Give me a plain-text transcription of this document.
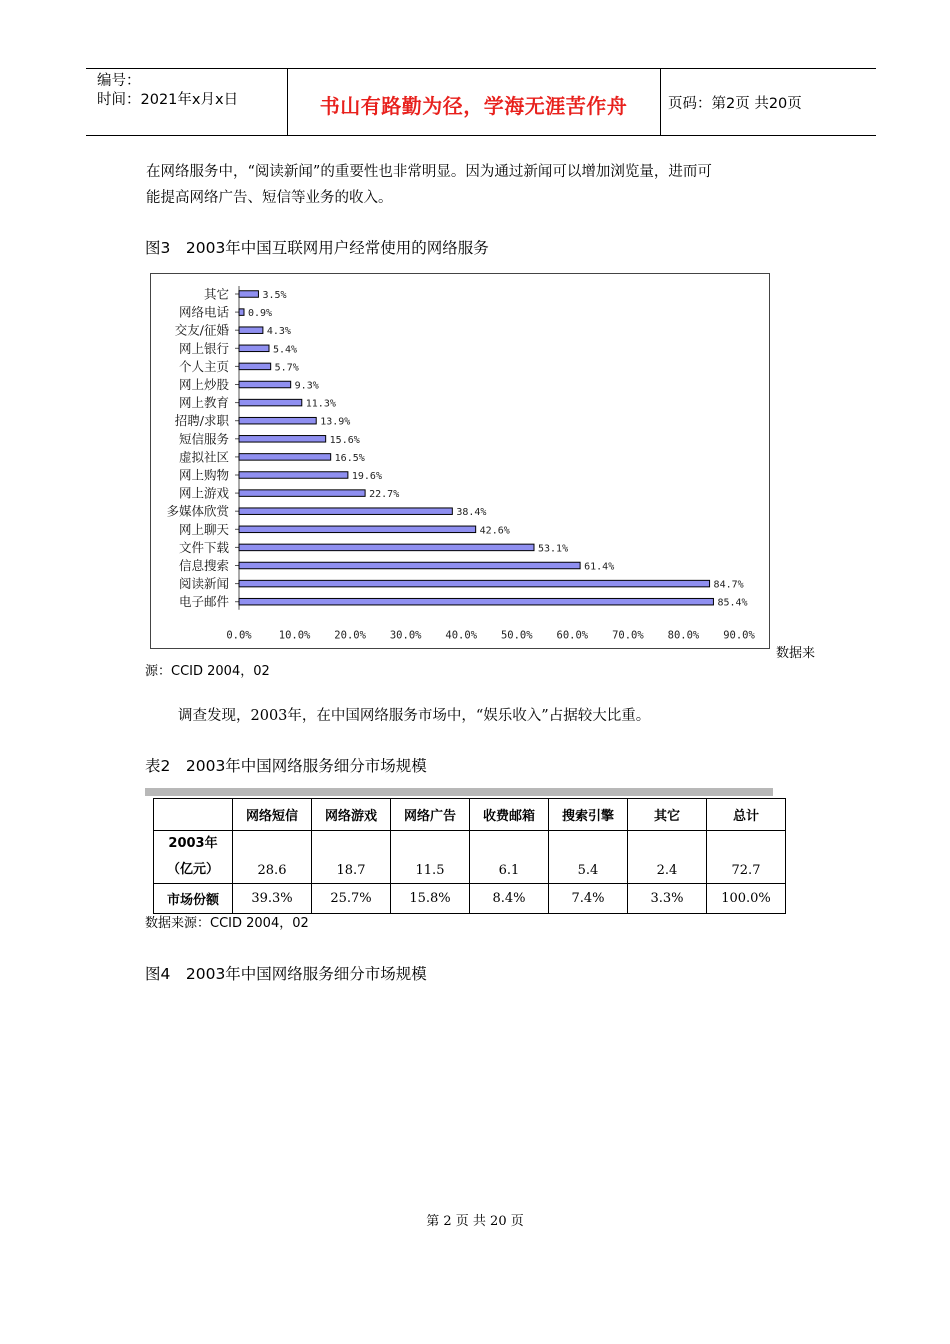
编号：
时间：2021年x月x日	书山有路勤为径，学海无涯苦作舟	页码：第2页 共20页
在网络服务中，“阅读新闻”的重要性也非常明显。因为通过新闻可以增加浏览量，进而可
能提高网络广告、短信等业务的收入。
图3　2003年中国互联网用户经常使用的网络服务
其它	3.5%
网络电话 0.9%
交友/征婚	4.3%
网上银行	5.4%
个人主页	5.7%
网上炒股	9.3%
网上教育	11.3%
招聘/求职	13.9%
短信服务	15.6%
虚拟社区	16.5%
网上购物	19.6%
网上游戏	22.7%
多媒体欣赏	38.4%
网上聊天	42.6%
文件下载	53.1%
信息搜索	61.4%
阅读新闻	84.7%
电子邮件	85.4%
0.0%	10.0% 20.0% 30.0% 40.0% 50.0% 60.0% 70.0% 80.0% 90.0%
数据来
源：CCID 2004，02
调查发现，2003年，在中国网络服务市场中，“娱乐收入”占据较大比重。
表2　2003年中国网络服务细分市场规模
	网络短信	网络游戏	网络广告	收费邮箱	搜索引擎	其它	总计

2003年
（亿元）	28.6	18.7	11.5	6.1	5.4	2.4	72.7
市场份额	39.3%	25.7%	15.8%	8.4%	7.4%	3.3%	100.0%
数据来源：CCID 2004，02
图4　2003年中国网络服务细分市场规模
第 2 页 共 20 页
